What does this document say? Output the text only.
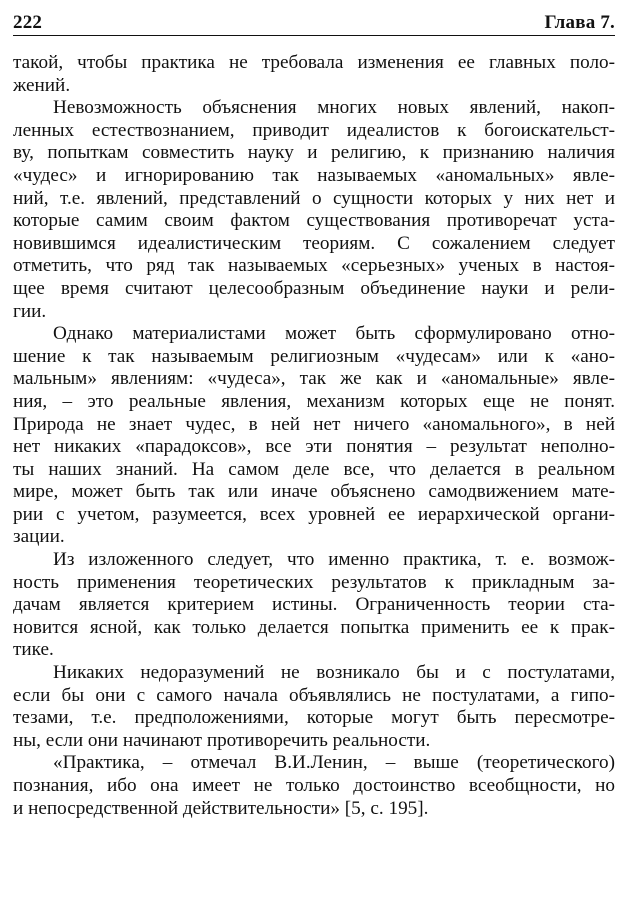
222	Глава 7.
такой, чтобы практика не требовала изменения ее главных поло-
жений.
Невозможность объяснения многих новых явлений, накоп-
ленных естествознанием, приводит идеалистов к богоискательст-
ву, попыткам совместить науку и религию, к признанию наличия
«чудес» и игнорированию так называемых «аномальных» явле-
ний, т.е. явлений, представлений о сущности которых у них нет и
которые самим своим фактом существования противоречат уста-
новившимся идеалистическим теориям. С сожалением следует
отметить, что ряд так называемых «серьезных» ученых в настоя-
щее время считают целесообразным объединение науки и рели-
гии.
Однако материалистами может быть сформулировано отно-
шение к так называемым религиозным «чудесам» или к «ано-
мальным» явлениям: «чудеса», так же как и «аномальные» явле-
ния, – это реальные явления, механизм которых еще не понят.
Природа не знает чудес, в ней нет ничего «аномального», в ней
нет никаких «парадоксов», все эти понятия – результат неполно-
ты наших знаний. На самом деле все, что делается в реальном
мире, может быть так или иначе объяснено самодвижением мате-
рии с учетом, разумеется, всех уровней ее иерархической органи-
зации.
Из изложенного следует, что именно практика, т. е. возмож-
ность применения теоретических результатов к прикладным за-
дачам является критерием истины. Ограниченность теории ста-
новится ясной, как только делается попытка применить ее к прак-
тике.
Никаких недоразумений не возникало бы и с постулатами,
если бы они с самого начала объявлялись не постулатами, а гипо-
тезами, т.е. предположениями, которые могут быть пересмотре-
ны, если они начинают противоречить реальности.
«Практика, – отмечал В.И.Ленин, – выше (теоретического)
познания, ибо она имеет не только достоинство всеобщности, но
и непосредственной действительности» [5, с. 195].
